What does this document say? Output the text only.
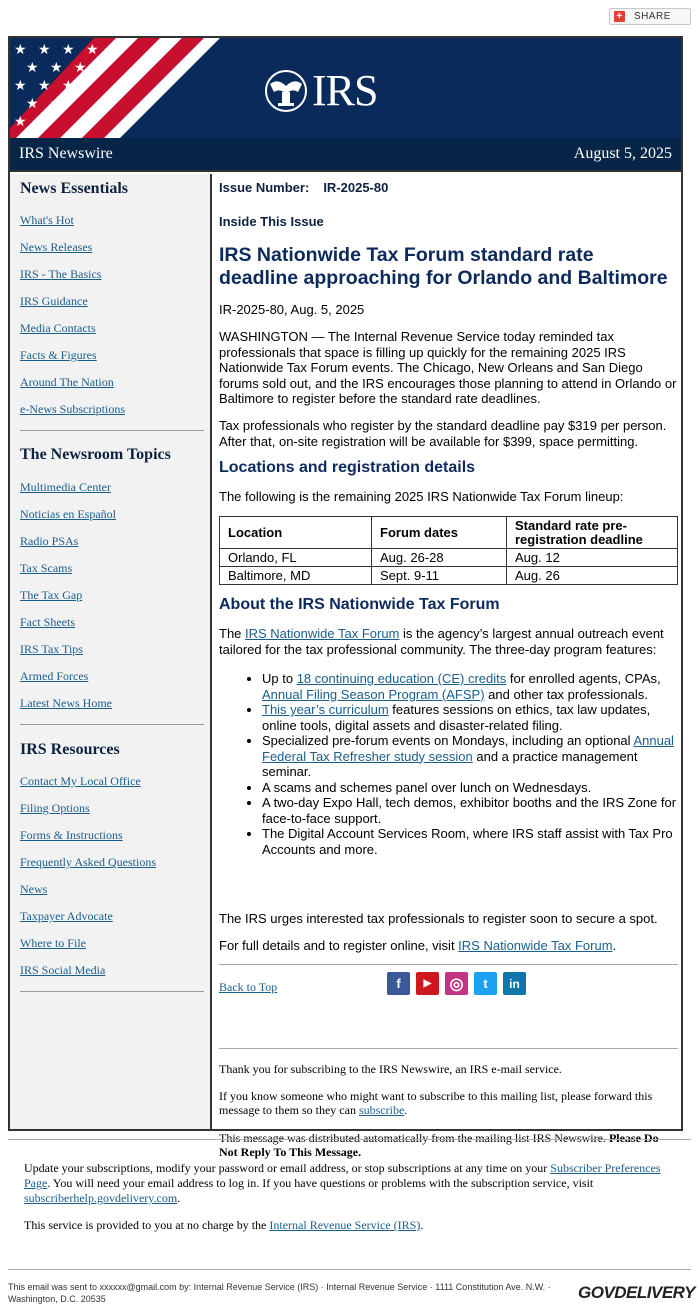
+ SHARE
★ ★ ★ ★
★ ★ ★
★ ★ ★
★ ★
★ ★
IRS
IRS Newswire	August 5, 2025
News Essentials
What's Hot
News Releases
IRS - The Basics
IRS Guidance
Media Contacts
Facts & Figures
Around The Nation
e-News Subscriptions
The Newsroom Topics
Multimedia Center
Noticias en Español
Radio PSAs
Tax Scams
The Tax Gap
Fact Sheets
IRS Tax Tips
Armed Forces
Latest News Home
IRS Resources
Contact My Local Office
Filing Options
Forms & Instructions
Frequently Asked Questions
News
Taxpayer Advocate
Where to File
IRS Social Media
Issue Number: IR-2025-80
Inside This Issue
IRS Nationwide Tax Forum standard rate deadline approaching for Orlando and Baltimore
IR-2025-80, Aug. 5, 2025
WASHINGTON — The Internal Revenue Service today reminded tax professionals that space is filling up quickly for the remaining 2025 IRS Nationwide Tax Forum events. The Chicago, New Orleans and San Diego forums sold out, and the IRS encourages those planning to attend in Orlando or Baltimore to register before the standard rate deadlines.
Tax professionals who register by the standard deadline pay $319 per person. After that, on-site registration will be available for $399, space permitting.
Locations and registration details
The following is the remaining 2025 IRS Nationwide Tax Forum lineup:
Location	Forum dates	Standard rate pre-registration deadline
Orlando, FL	Aug. 26-28	Aug. 12
Baltimore, MD	Sept. 9-11	Aug. 26
About the IRS Nationwide Tax Forum
The IRS Nationwide Tax Forum is the agency’s largest annual outreach event tailored for the tax professional community. The three-day program features:
• Up to 18 continuing education (CE) credits for enrolled agents, CPAs, Annual Filing Season Program (AFSP) and other tax professionals.
• This year’s curriculum features sessions on ethics, tax law updates, online tools, digital assets and disaster-related filing.
• Specialized pre-forum events on Mondays, including an optional Annual Federal Tax Refresher study session and a practice management seminar.
• A scams and schemes panel over lunch on Wednesdays.
• A two-day Expo Hall, tech demos, exhibitor booths and the IRS Zone for face-to-face support.
• The Digital Account Services Room, where IRS staff assist with Tax Pro Accounts and more.
The IRS urges interested tax professionals to register soon to secure a spot.
For full details and to register online, visit IRS Nationwide Tax Forum.
Back to Top	f	▶	◎	t	in
Thank you for subscribing to the IRS Newswire, an IRS e-mail service.
If you know someone who might want to subscribe to this mailing list, please forward this message to them so they can subscribe.
This message was distributed automatically from the mailing list IRS Newswire. Please Do Not Reply To This Message.
Update your subscriptions, modify your password or email address, or stop subscriptions at any time on your Subscriber Preferences Page. You will need your email address to log in. If you have questions or problems with the subscription service, visit subscriberhelp.govdelivery.com.
This service is provided to you at no charge by the Internal Revenue Service (IRS).
This email was sent to xxxxxx@gmail.com by: Internal Revenue Service (IRS) · Internal Revenue Service · 1111 Constitution Ave. N.W. · Washington, D.C. 20535	GOVDELIVERY
